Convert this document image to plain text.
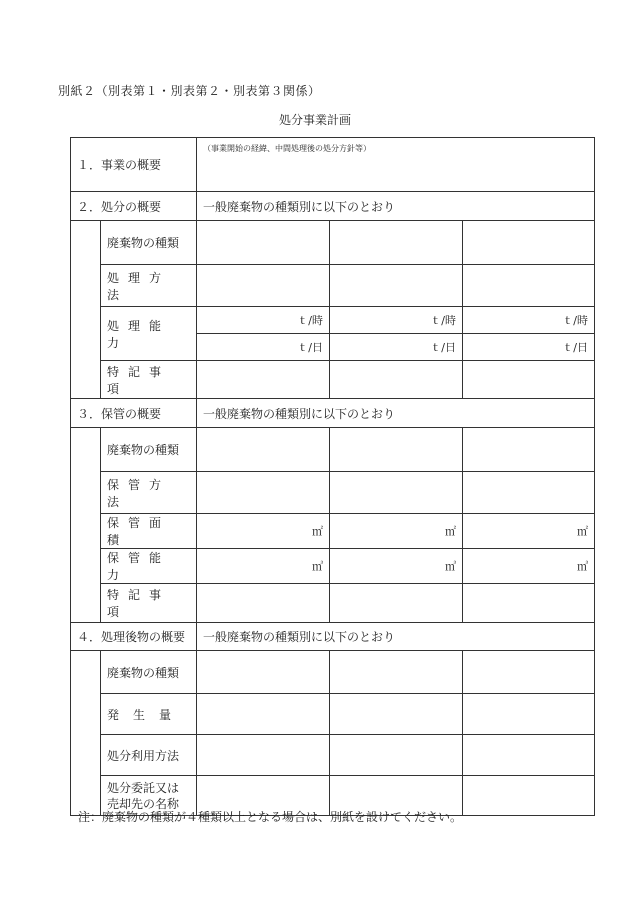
別紙２（別表第１・別表第２・別表第３関係）
処分事業計画
１．事業の概要		（事業開始の経緯、中間処理後の処分方針等）		

２．処分の概要		一般廃棄物の種類別に以下のとおり		
	廃棄物の種類			
	処理方法			
	処理能力	ｔ/時	ｔ/時	ｔ/時
		ｔ/日	ｔ/日	ｔ/日
	特記事項			
３．保管の概要		一般廃棄物の種類別に以下のとおり		
	廃棄物の種類			
	保管方法			
	保管面積	㎡	㎡	㎡
	保管能力	㎥	㎥	㎥
	特記事項			
４．処理後物の概要		一般廃棄物の種類別に以下のとおり		
	廃棄物の種類			
	発生量			
	処分利用方法			
	処分委託又は
売却先の名称			
注：廃棄物の種類が４種類以上となる場合は、別紙を設けてください。
